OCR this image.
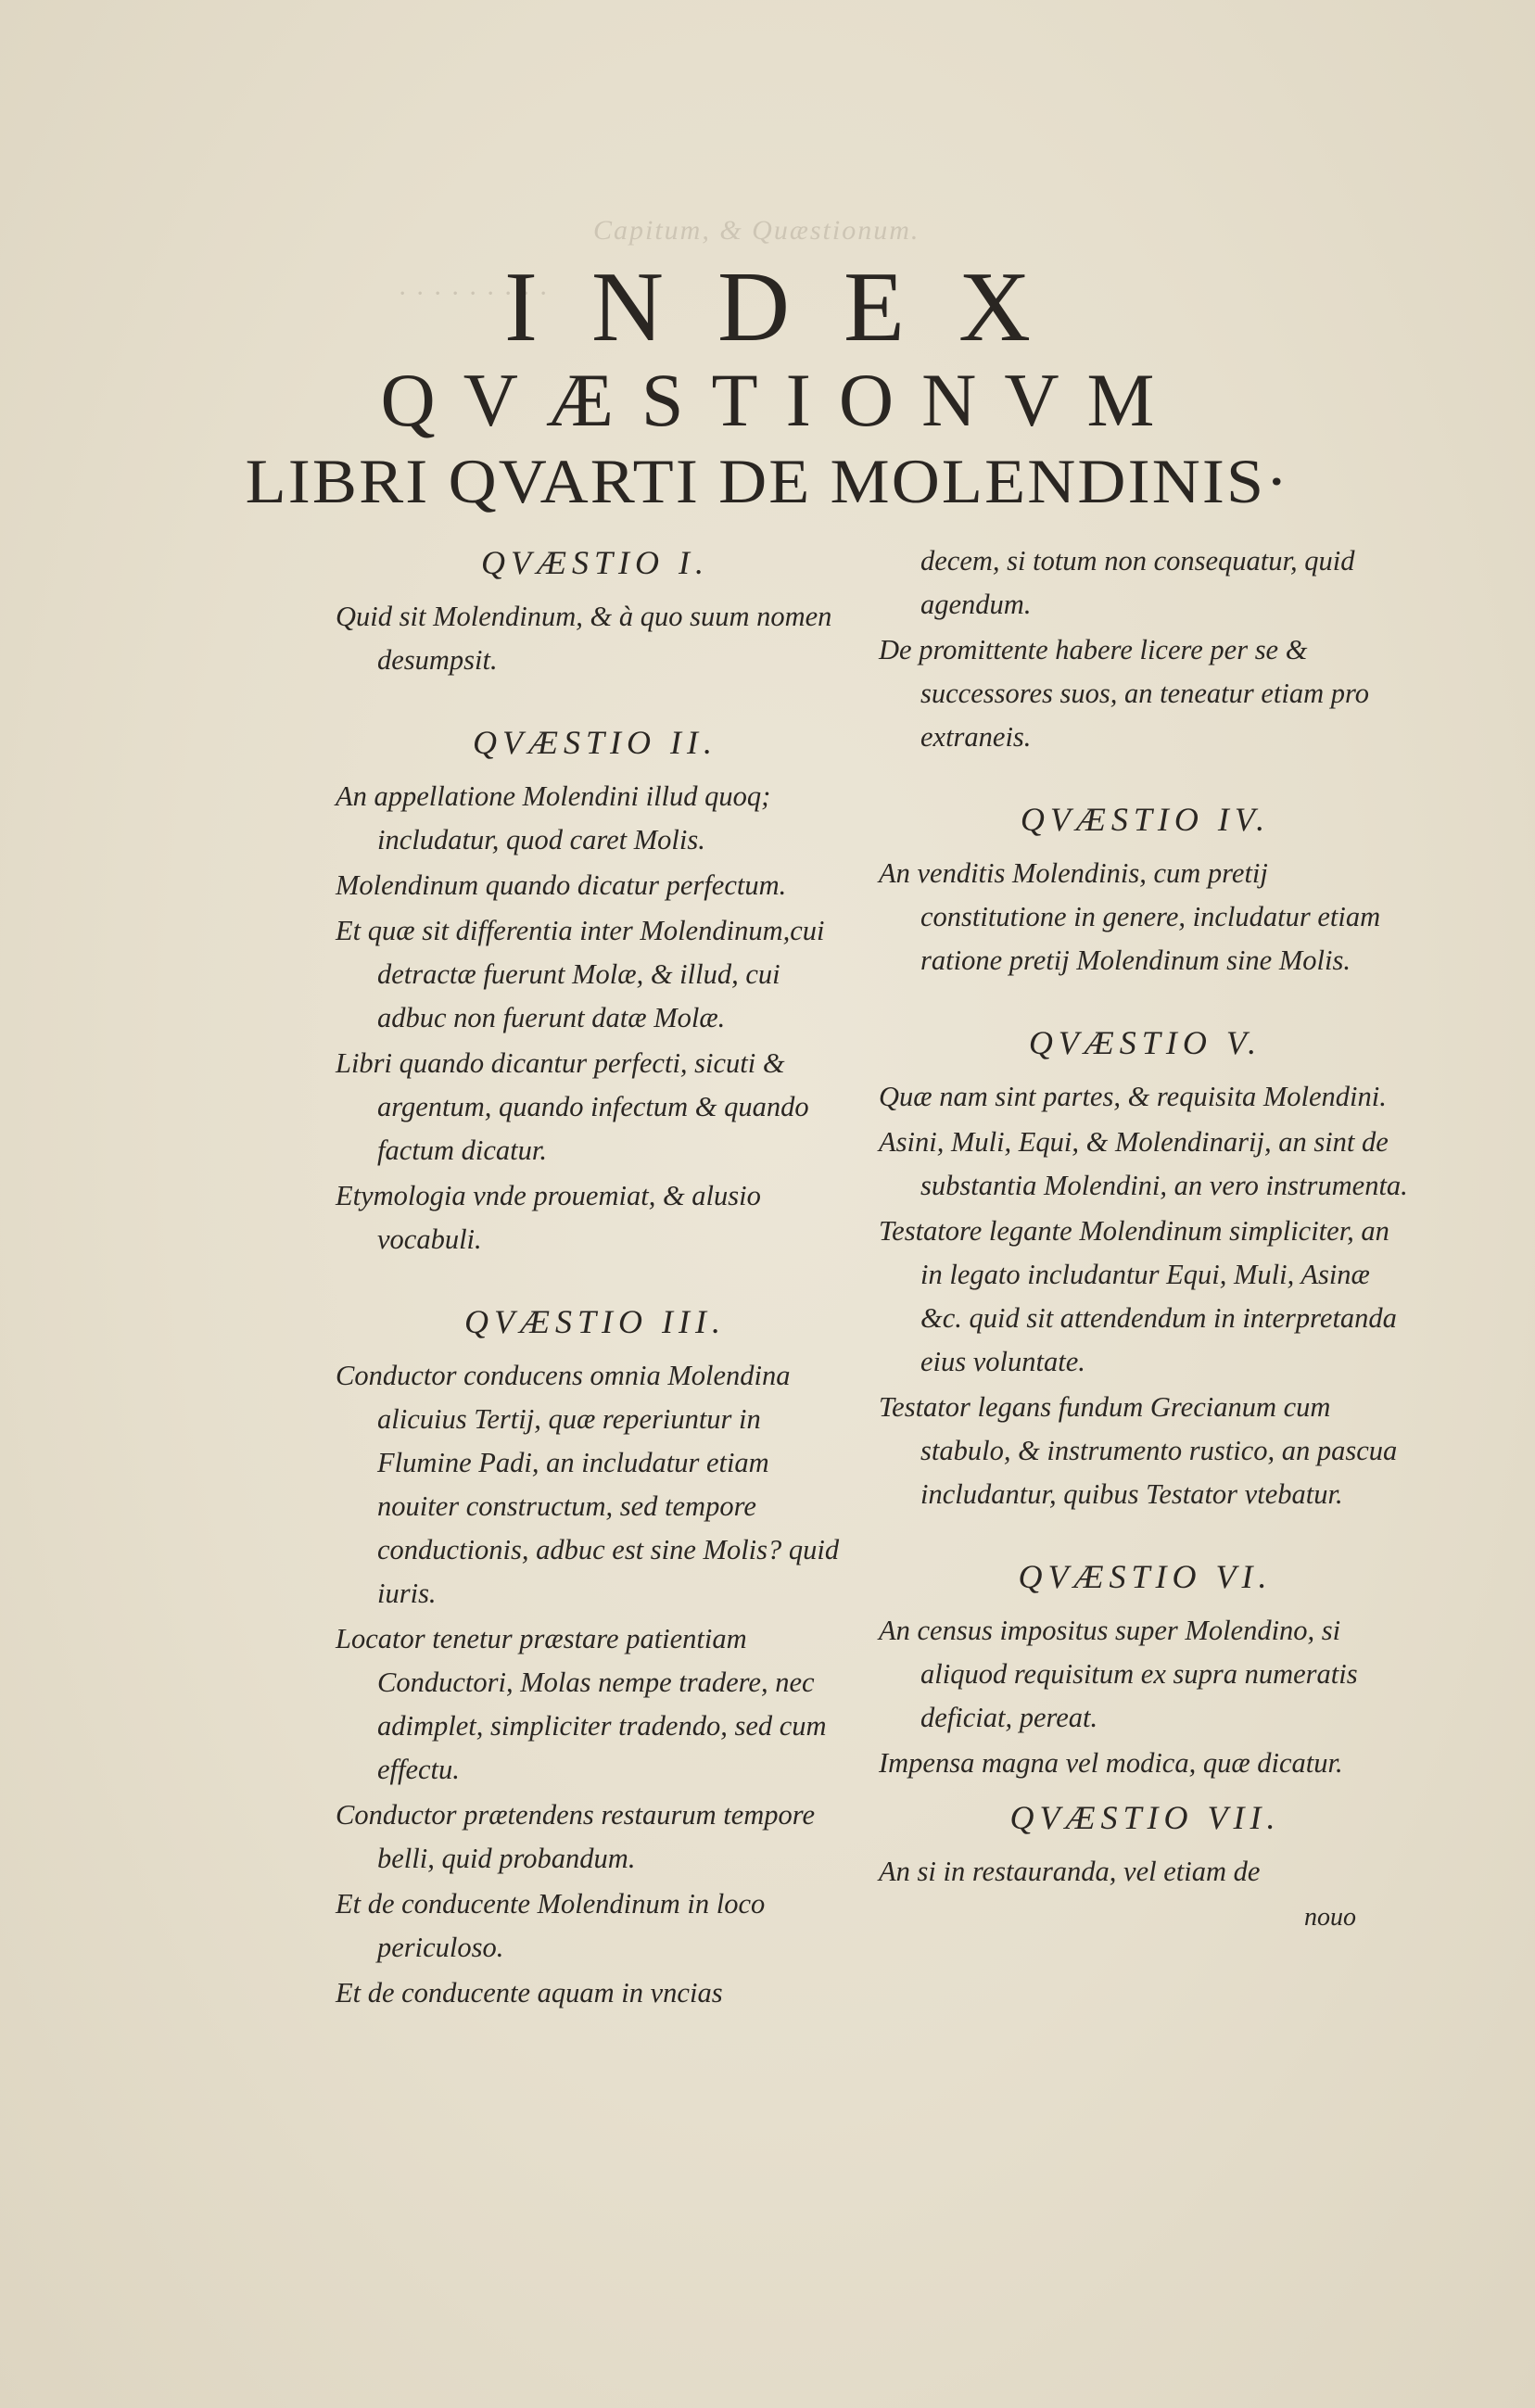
Capitum, & Quæstionum.
· · · · · · · · ·
INDEX
QVÆSTIONVM
LIBRI QVARTI DE MOLENDINIS·
QVÆSTIO I.
Quid sit Molendinum, & à quo suum nomen desumpsit.
QVÆSTIO II.
An appellatione Molendini illud quoq; includatur, quod caret Molis.
Molendinum quando dicatur perfectum.
Et quæ sit differentia inter Molendinum,cui detractæ fuerunt Molæ, & illud, cui adbuc non fuerunt datæ Molæ.
Libri quando dicantur perfecti, sicuti & argentum, quando infectum & quando factum dicatur.
Etymologia vnde prouemiat, & alusio vocabuli.
QVÆSTIO III.
Conductor conducens omnia Molendina alicuius Tertij, quæ reperiuntur in Flumine Padi, an includatur etiam nouiter constructum, sed tempore conductionis, adbuc est sine Molis? quid iuris.
Locator tenetur præstare patientiam Conductori, Molas nempe tradere, nec adimplet, simpliciter tradendo, sed cum effectu.
Conductor prætendens restaurum tempore belli, quid probandum.
Et de conducente Molendinum in loco periculoso.
Et de conducente aquam in vncias
decem, si totum non consequatur, quid agendum.
De promittente habere licere per se & successores suos, an teneatur etiam pro extraneis.
QVÆSTIO IV.
An venditis Molendinis, cum pretij constitutione in genere, includatur etiam ratione pretij Molendinum sine Molis.
QVÆSTIO V.
Quæ nam sint partes, & requisita Molendini.
Asini, Muli, Equi, & Molendinarij, an sint de substantia Molendini, an vero instrumenta.
Testatore legante Molendinum simpliciter, an in legato includantur Equi, Muli, Asinæ &c. quid sit attendendum in interpretanda eius voluntate.
Testator legans fundum Grecianum cum stabulo, & instrumento rustico, an pascua includantur, quibus Testator vtebatur.
QVÆSTIO VI.
An census impositus super Molendino, si aliquod requisitum ex supra numeratis deficiat, pereat.
Impensa magna vel modica, quæ dicatur.
QVÆSTIO VII.
An si in restauranda, vel etiam de
nouo
